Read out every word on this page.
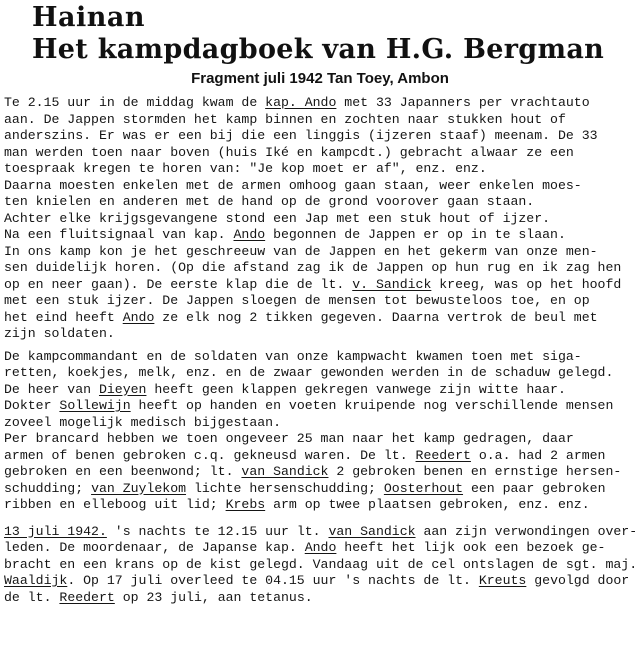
Hainan
Het kampdagboek van H.G. Bergman
Fragment juli 1942 Tan Toey, Ambon
Te 2.15 uur in de middag kwam de kap. Ando met 33 Japanners per vrachtauto
aan. De Jappen stormden het kamp binnen en zochten naar stukken hout of
anderszins. Er was er een bij die een linggis (ijzeren staaf) meenam. De 33
man werden toen naar boven (huis Iké en kampcdt.) gebracht alwaar ze een
toespraak kregen te horen van: "Je kop moet er af", enz. enz.
Daarna moesten enkelen met de armen omhoog gaan staan, weer enkelen moes-
ten knielen en anderen met de hand op de grond voorover gaan staan.
Achter elke krijgsgevangene stond een Jap met een stuk hout of ijzer.
Na een fluitsignaal van kap. Ando begonnen de Jappen er op in te slaan.
In ons kamp kon je het geschreeuw van de Jappen en het gekerm van onze men-
sen duidelijk horen. (Op die afstand zag ik de Jappen op hun rug en ik zag hen
op en neer gaan). De eerste klap die de lt. v. Sandick kreeg, was op het hoofd
met een stuk ijzer. De Jappen sloegen de mensen tot bewusteloos toe, en op
het eind heeft Ando ze elk nog 2 tikken gegeven. Daarna vertrok de beul met
zijn soldaten.
De kampcommandant en de soldaten van onze kampwacht kwamen toen met siga-
retten, koekjes, melk, enz. en de zwaar gewonden werden in de schaduw gelegd.
De heer van Dieyen heeft geen klappen gekregen vanwege zijn witte haar.
Dokter Sollewijn heeft op handen en voeten kruipende nog verschillende mensen
zoveel mogelijk medisch bijgestaan.
Per brancard hebben we toen ongeveer 25 man naar het kamp gedragen, daar
armen of benen gebroken c.q. gekneusd waren. De lt. Reedert o.a. had 2 armen
gebroken en een beenwond; lt. van Sandick 2 gebroken benen en ernstige hersen-
schudding; van Zuylekom lichte hersenschudding; Oosterhout een paar gebroken
ribben en elleboog uit lid; Krebs arm op twee plaatsen gebroken, enz. enz.
13 juli 1942. 's nachts te 12.15 uur lt. van Sandick aan zijn verwondingen over-
leden. De moordenaar, de Japanse kap. Ando heeft het lijk ook een bezoek ge-
bracht en een krans op de kist gelegd. Vandaag uit de cel ontslagen de sgt. maj.
Waaldijk. Op 17 juli overleed te 04.15 uur 's nachts de lt. Kreuts gevolgd door
de lt. Reedert op 23 juli, aan tetanus.
